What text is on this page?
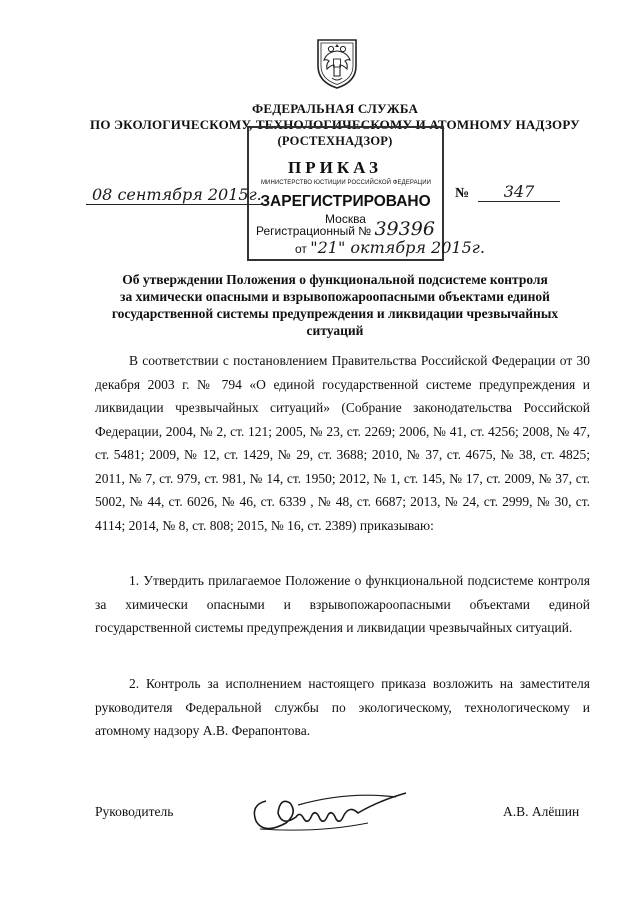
ФЕДЕРАЛЬНАЯ СЛУЖБА
ПО ЭКОЛОГИЧЕСКОМУ, ТЕХНОЛОГИЧЕСКОМУ И АТОМНОМУ НАДЗОРУ
(РОСТЕХНАДЗОР)
ПРИКАЗ
МИНИСТЕРСТВО ЮСТИЦИИ РОССИЙСКОЙ ФЕДЕРАЦИИ
ЗАРЕГИСТРИРОВАНО
Москва
Регистрационный № 39396
от "21" октября 2015г.
08 сентября 2015г.	№	347
Об утверждении Положения о функциональной подсистеме контроля
за химически опасными и взрывопожароопасными объектами единой
государственной системы предупреждения и ликвидации чрезвычайных
ситуаций
В соответствии с постановлением Правительства Российской Федерации от 30 декабря 2003 г. № 794 «О единой государственной системе предупреждения и ликвидации чрезвычайных ситуаций» (Собрание законодательства Российской Федерации, 2004, № 2, ст. 121; 2005, № 23, ст. 2269; 2006, № 41, ст. 4256; 2008, № 47, ст. 5481; 2009, № 12, ст. 1429, № 29, ст. 3688; 2010, № 37, ст. 4675, № 38, ст. 4825; 2011, № 7, ст. 979, ст. 981, № 14, ст. 1950; 2012, № 1, ст. 145, № 17, ст. 2009, № 37, ст. 5002, № 44, ст. 6026, № 46, ст. 6339 , № 48, ст. 6687; 2013, № 24, ст. 2999, № 30, ст. 4114; 2014, № 8, ст. 808; 2015, № 16, ст. 2389) приказываю:
1. Утвердить прилагаемое Положение о функциональной подсистеме контроля за химически опасными и взрывопожароопасными объектами единой государственной системы предупреждения и ликвидации чрезвычайных ситуаций.
2. Контроль за исполнением настоящего приказа возложить на заместителя руководителя Федеральной службы по экологическому, технологическому и атомному надзору А.В. Ферапонтова.
Руководитель	А.В. Алёшин
